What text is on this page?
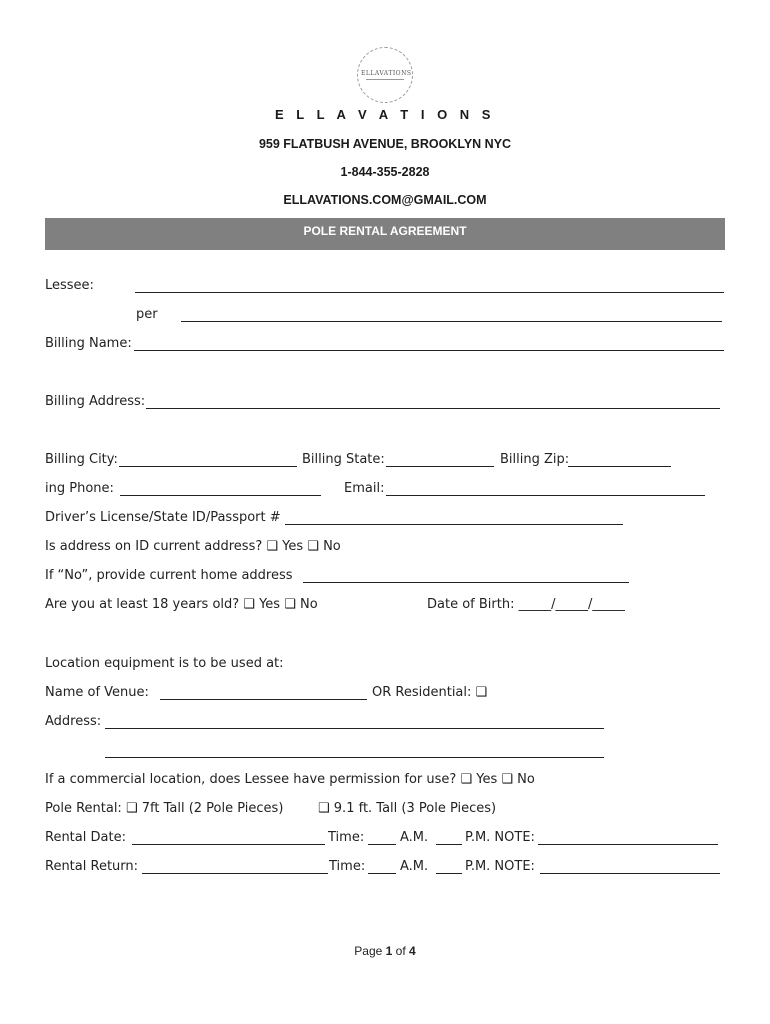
ELLAVATIONS
E L L A V A T I O N S
959 FLATBUSH AVENUE, BROOKLYN NYC
1-844-355-2828
ELLAVATIONS.COM@GMAIL.COM
POLE RENTAL AGREEMENT
Lessee:
per
Billing Name:
Billing Address:
Billing City:	Billing State:	Billing Zip:
ing Phone:	Email:
Driver’s License/State ID/Passport #
Is address on ID current address? ❑ Yes ❑ No
If “No”, provide current home address
Are you at least 18 years old? ❑ Yes ❑ No	Date of Birth: _____/_____/_____
Location equipment is to be used at:
Name of Venue:	OR Residential: ❑
Address:
If a commercial location, does Lessee have permission for use? ❑ Yes ❑ No
Pole Rental: ❑ 7ft Tall (2 Pole Pieces)	❑ 9.1 ft. Tall (3 Pole Pieces)
Rental Date:	Time:	A.M.	P.M. NOTE:
Rental Return:	Time:	A.M.	P.M. NOTE:
Page 1 of 4
